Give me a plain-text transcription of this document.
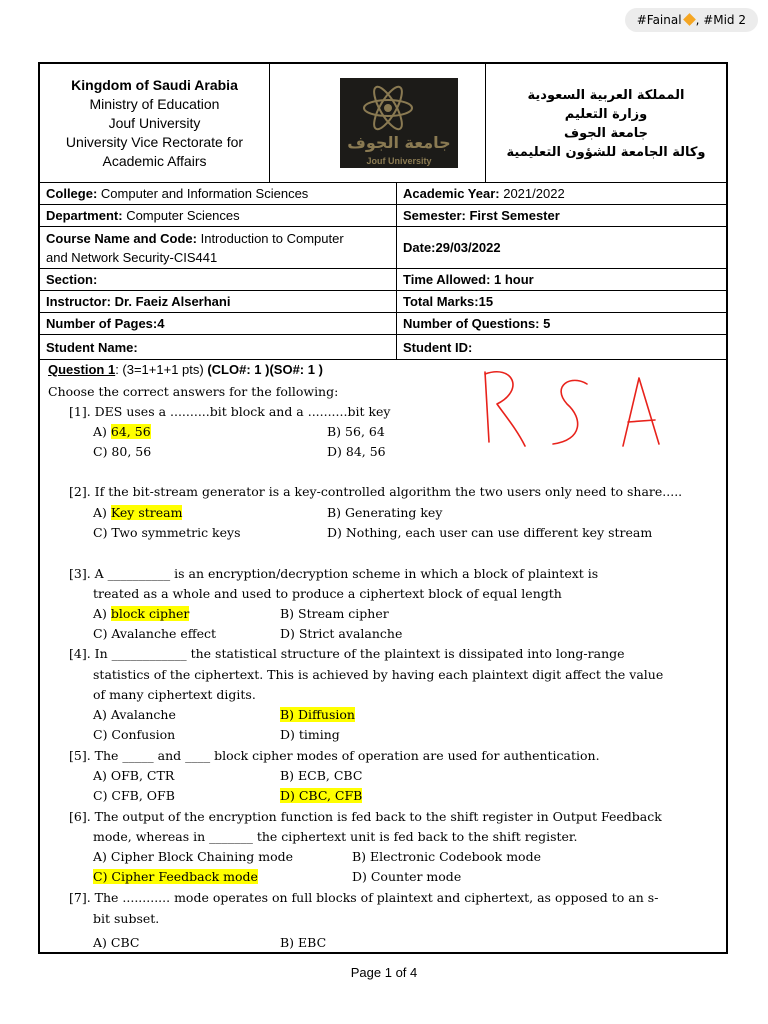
#Fainal , #Mid 2
Kingdom of Saudi Arabia
Ministry of Education
Jouf University
University Vice Rectorate for
Academic Affairs
جامعة الجوف
Jouf University
المملكة العربية السعودية
وزارة التعليم
جامعة الجوف
وكالة الجامعة للشؤون التعليمية
College: Computer and Information Sciences	Academic Year: 2021/2022
Department: Computer Sciences	Semester: First Semester
Course Name and Code: Introduction to Computer
and Network Security-CIS441
Date:29/03/2022
Section:	Time Allowed: 1 hour
Instructor: Dr. Faeiz Alserhani	Total Marks:15
Number of Pages:4	Number of Questions: 5
Student Name:	Student ID:
Question 1: (3=1+1+1 pts) (CLO#: 1 )(SO#: 1 )
Choose the correct answers for the following:
[1]. DES uses a ..........bit block and a ..........bit key
A) 64, 56	B) 56, 64
C) 80, 56	D) 84, 56
[2]. If the bit-stream generator is a key-controlled algorithm the two users only need to share.....
A) Key stream	B) Generating key
C) Two symmetric keys	D) Nothing, each user can use different key stream
[3]. A __________ is an encryption/decryption scheme in which a block of plaintext is
treated as a whole and used to produce a ciphertext block of equal length
A) block cipher	B) Stream cipher
C) Avalanche effect	D) Strict avalanche
[4]. In ____________ the statistical structure of the plaintext is dissipated into long-range
statistics of the ciphertext. This is achieved by having each plaintext digit affect the value
of many ciphertext digits.
A) Avalanche	B) Diffusion
C) Confusion	D) timing
[5]. The _____ and ____ block cipher modes of operation are used for authentication.
A) OFB, CTR	B) ECB, CBC
C) CFB, OFB	D) CBC, CFB
[6]. The output of the encryption function is fed back to the shift register in Output Feedback
mode, whereas in _______ the ciphertext unit is fed back to the shift register.
A) Cipher Block Chaining mode	B) Electronic Codebook mode
C) Cipher Feedback mode	D) Counter mode
[7]. The ............ mode operates on full blocks of plaintext and ciphertext, as opposed to an s-
bit subset.
A) CBC	B) EBC
Page 1 of 4
